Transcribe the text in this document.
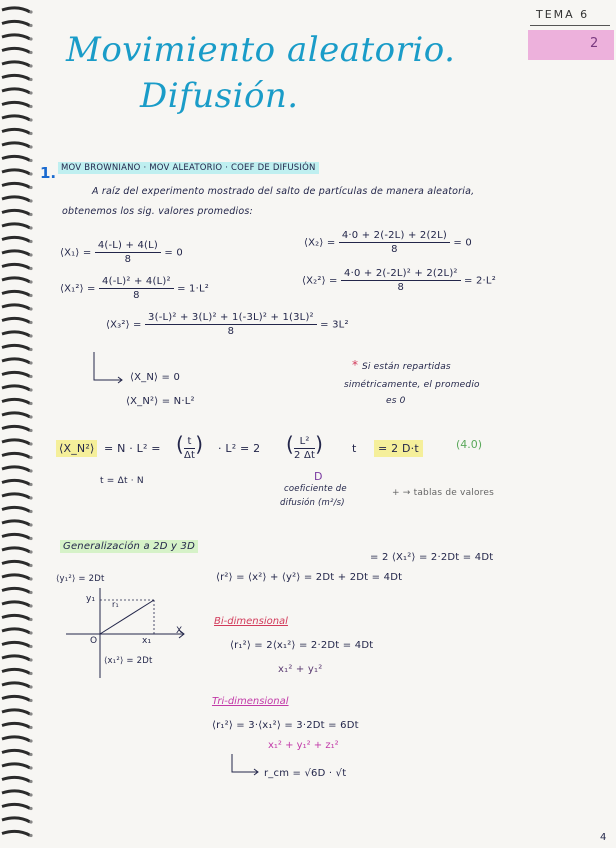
TEMA 6
2
Movimiento aleatorio.
Difusión.
1. MOV BROWNIANO · MOV ALEATORIO · COEF DE DIFUSIÓN
A raíz del experimento mostrado del salto de partículas de manera aleatoria,
obtenemos los sig. valores promedios:
⟨X₁⟩ = $\frac{4(-L) + 4(L)}{8} = 0$
⟨X₂⟩ = $\frac{4\cdot 0 + 2(-2L) + 2(2L)}{8} = 0$
⟨X₁²⟩ = $\frac{\text{4(-L)² + 4(L)²}}{8} = 1\cdot L^2$
⟨X₂²⟩ = $\frac{\text{4·0 + 2(-2L)² + 2(2L)²}}{8} = 2\cdot L^2$
⟨X₃²⟩ = $\frac{\text{3(-L)² + 3(L)² + 1(-3L)² + 1(3L)²}}{8} = 3L^2$
⟨X_N⟩ = 0
⟨X_N²⟩ = N·L²
* Si están repartidas
simétricamente, el promedio
es 0
⟨X_N²⟩ = N · L² = ( $\frac{t}{\Delta t}$ ) · L² = 2 ( $\frac{\text{L²}}{2 \Delta t}$ )	t	= 2 D·t	(4.0)
t = Δt · N	D
coeficiente de
difusión (m²/s)
+ → tablas de valores
Generalización a 2D y 3D
= 2 ⟨X₁²⟩ = 2·2Dt = 4Dt
⟨r²⟩ = ⟨x²⟩ + ⟨y²⟩ = 2Dt + 2Dt = 4Dt
⟨y₁²⟩ = 2Dt
y₁
r₁
x₁
O
X
⟨x₁²⟩ = 2Dt
Bi-dimensional
⟨r₁²⟩ = 2⟨x₁²⟩ = 2·2Dt = 4Dt
x₁² + y₁²
Tri-dimensional
⟨r₁²⟩ = 3·⟨x₁²⟩ = 3·2Dt = 6Dt
x₁² + y₁² + z₁²
r_cm = √6D · √t
4
